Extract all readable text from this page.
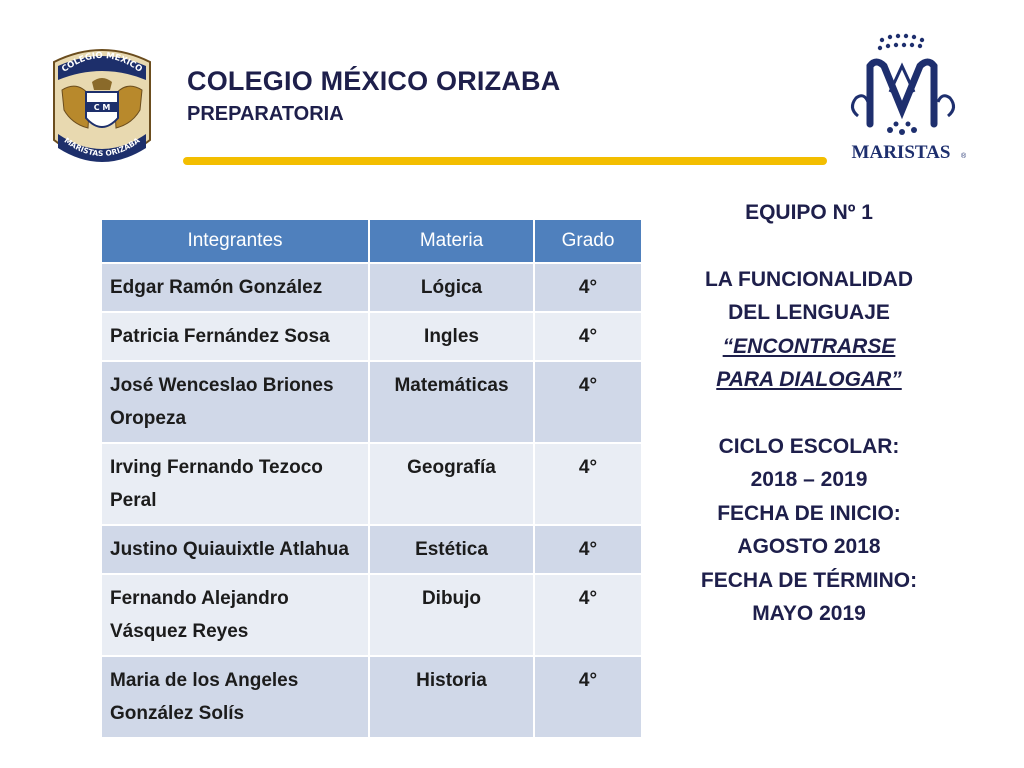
COLEGIO MEXICO
MARISTAS ORIZABA
C M
COLEGIO MÉXICO ORIZABA
PREPARATORIA
MARISTAS ®
Integrantes	Materia	Grado
Edgar Ramón González	Lógica	4°
Patricia Fernández Sosa	Ingles	4°
José Wenceslao Briones Oropeza	Matemáticas	4°
Irving Fernando Tezoco Peral	Geografía	4°
Justino Quiauixtle Atlahua	Estética	4°
Fernando Alejandro Vásquez Reyes	Dibujo	4°
Maria de los Angeles González Solís	Historia	4°
EQUIPO Nº 1
LA FUNCIONALIDAD
DEL LENGUAJE
“ENCONTRARSE
PARA DIALOGAR”
CICLO ESCOLAR:
2018 – 2019
FECHA DE INICIO:
AGOSTO 2018
FECHA DE TÉRMINO:
MAYO 2019
